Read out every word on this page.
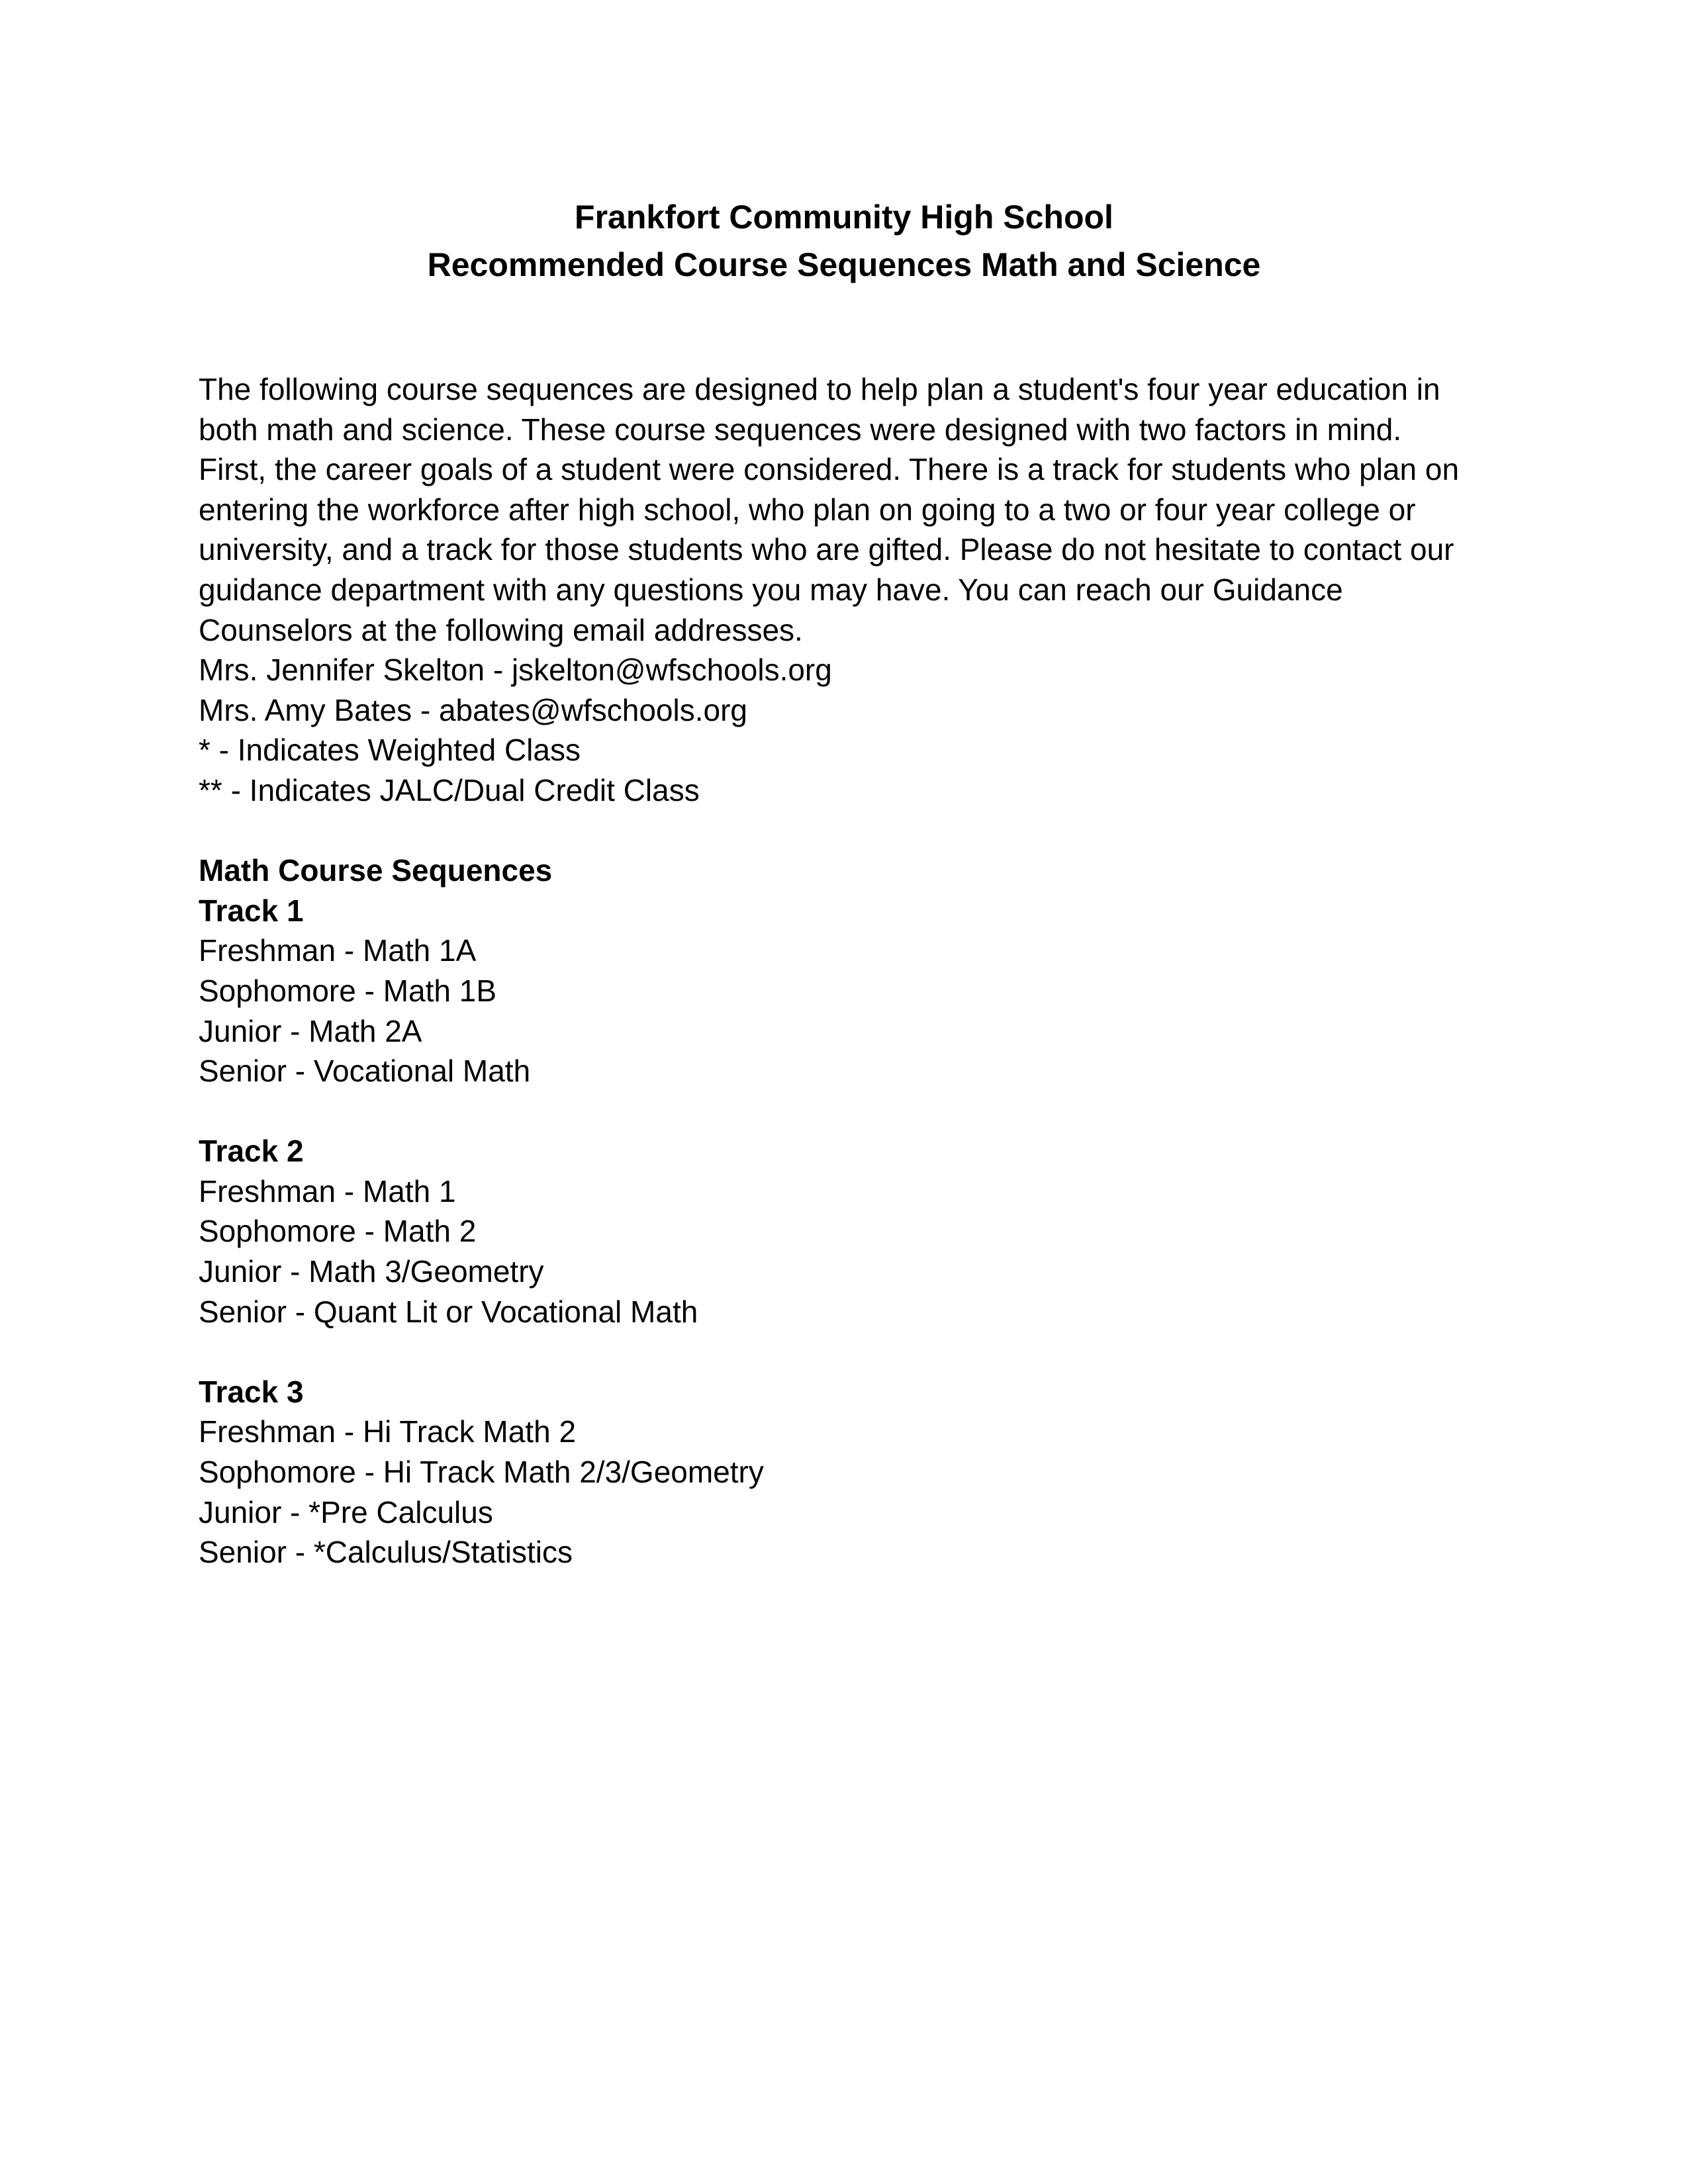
Frankfort Community High School
Recommended Course Sequences Math and Science
The following course sequences are designed to help plan a student's four year education in
both math and science. These course sequences were designed with two factors in mind.
First, the career goals of a student were considered. There is a track for students who plan on
entering the workforce after high school, who plan on going to a two or four year college or
university, and a track for those students who are gifted. Please do not hesitate to contact our
guidance department with any questions you may have. You can reach our Guidance
Counselors at the following email addresses.
Mrs. Jennifer Skelton - jskelton@wfschools.org
Mrs. Amy Bates - abates@wfschools.org
* - Indicates Weighted Class
** - Indicates JALC/Dual Credit Class
Math Course Sequences
Track 1
Freshman - Math 1A
Sophomore - Math 1B
Junior - Math 2A
Senior - Vocational Math
Track 2
Freshman - Math 1
Sophomore - Math 2
Junior - Math 3/Geometry
Senior - Quant Lit or Vocational Math
Track 3
Freshman - Hi Track Math 2
Sophomore - Hi Track Math 2/3/Geometry
Junior - *Pre Calculus
Senior - *Calculus/Statistics
